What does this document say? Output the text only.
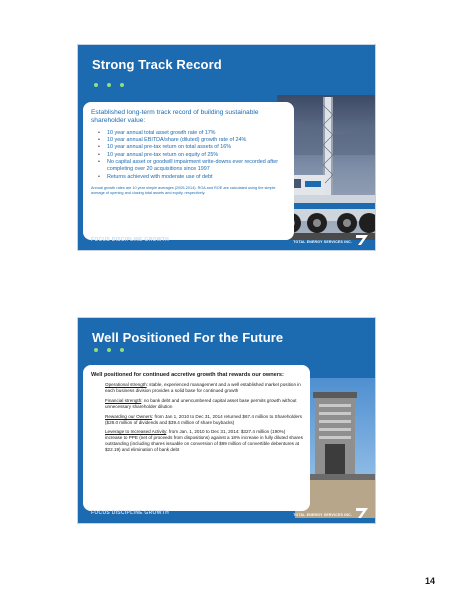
Strong Track Record

Established long-term track record of building sustainable shareholder value:

• 10 year annual total asset growth rate of 17%
• 10 year annual EBITDA/share (diluted) growth rate of 24%
• 10 year annual pre-tax return on total assets of 16%
• 10 year annual pre-tax return on equity of 25%
• No capital asset or goodwill impairment write-downs ever recorded after completing over 20 acquisitions since 1997
• Returns achieved with moderate use of debt

Annual growth rates are 10 year simple averages (2005-2014). ROA and ROE are calculated using the simple average of opening and closing total assets and equity, respectively.

FOCUS DISCIPLINE GROWTH	TOTAL ENERGY SERVICES INC.
Well Positioned For the Future

Well positioned for continued accretive growth that rewards our owners:

Operational strength: stable, experienced management and a well established market position in each business division provides a solid base for continued growth

Financial strength: no bank debt and unencumbered capital asset base permits growth without unnecessary shareholder dilution

Rewarding our Owners: from Jan 1, 2010 to Dec 31, 2014 returned $67.4 million to Shareholders ($28.0 million of dividends and $39.4 million of share buybacks)

Leverage to Increased Activity: from Jan. 1, 2010 to Dec 31, 2014: $327.4 million (190%) increase to PPE (net of proceeds from dispositions) against a 18% increase in fully diluted shares outstanding (including shares issuable on conversion of $69 million of convertible debentures at $22.19) and elimination of bank debt

FOCUS DISCIPLINE GROWTH	TOTAL ENERGY SERVICES INC.
14
